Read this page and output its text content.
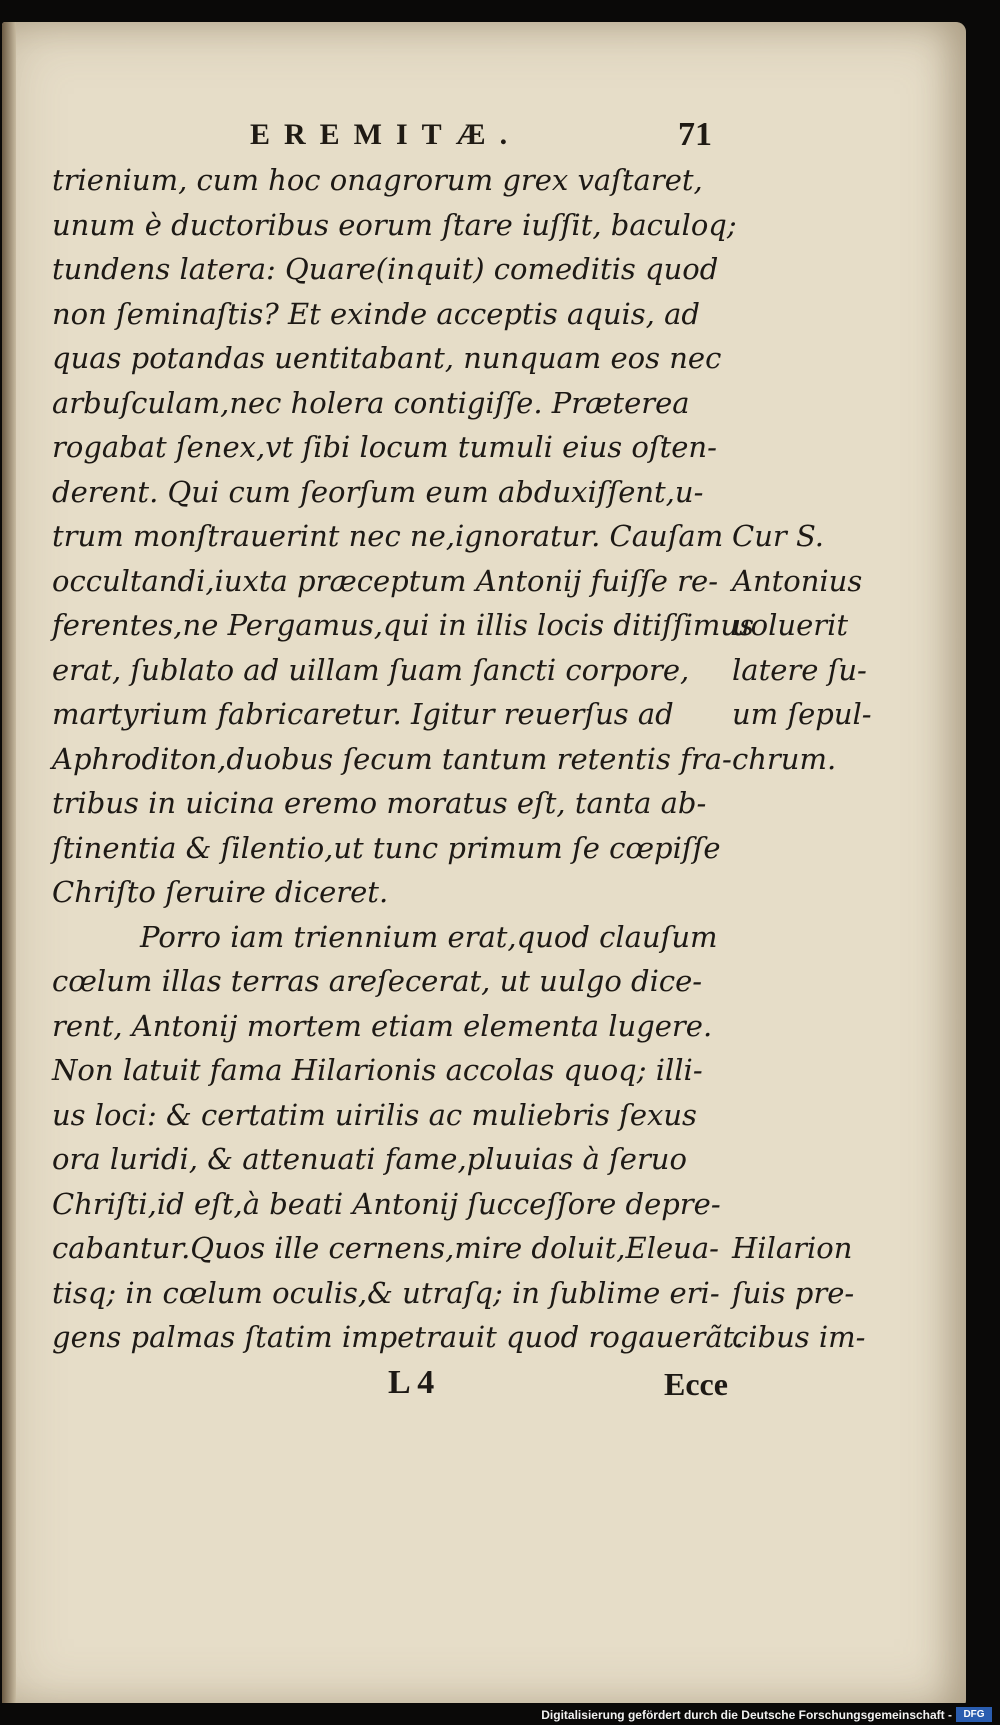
EREMITÆ.	71
trienium, cum hoc onagrorum grex vaſtaret,
unum è ductoribus eorum ſtare iuſſit, baculoq;
tundens latera: Quare(inquit) comeditis quod
non ſeminaſtis? Et exinde acceptis aquis, ad
quas potandas uentitabant, nunquam eos nec
arbuſculam,nec holera contigiſſe. Præterea
rogabat ſenex,vt ſibi locum tumuli eius oſten-
derent. Qui cum ſeorſum eum abduxiſſent,u-
trum monſtrauerint nec ne,ignoratur. Cauſam
occultandi,iuxta præceptum Antonij fuiſſe re-
ferentes,ne Pergamus,qui in illis locis ditiſſimus
erat, ſublato ad uillam ſuam ſancti corpore,
martyrium fabricaretur. Igitur reuerſus ad
Aphroditon,duobus ſecum tantum retentis fra-
tribus in uicina eremo moratus eſt, tanta ab-
ſtinentia & ſilentio,ut tunc primum ſe cœpiſſe
Chriſto ſeruire diceret.
Porro iam triennium erat,quod clauſum
cœlum illas terras areſecerat, ut uulgo dice-
rent, Antonij mortem etiam elementa lugere.
Non latuit fama Hilarionis accolas quoq; illi-
us loci: & certatim uirilis ac muliebris ſexus
ora luridi, & attenuati fame,pluuias à ſeruo
Chriſti,id eſt,à beati Antonij ſucceſſore depre-
cabantur.Quos ille cernens,mire doluit,Eleua-
tisq; in cœlum oculis,& utraſq; in ſublime eri-
gens palmas ſtatim impetrauit quod rogauerãt.
Cur S.
Antonius
uoluerit
latere ſu-
um ſepul-
chrum.
Hilarion
ſuis pre-
cibus im-
L 4	Ecce
Digitalisierung gefördert durch die Deutsche Forschungsgemeinschaft -	DFG
